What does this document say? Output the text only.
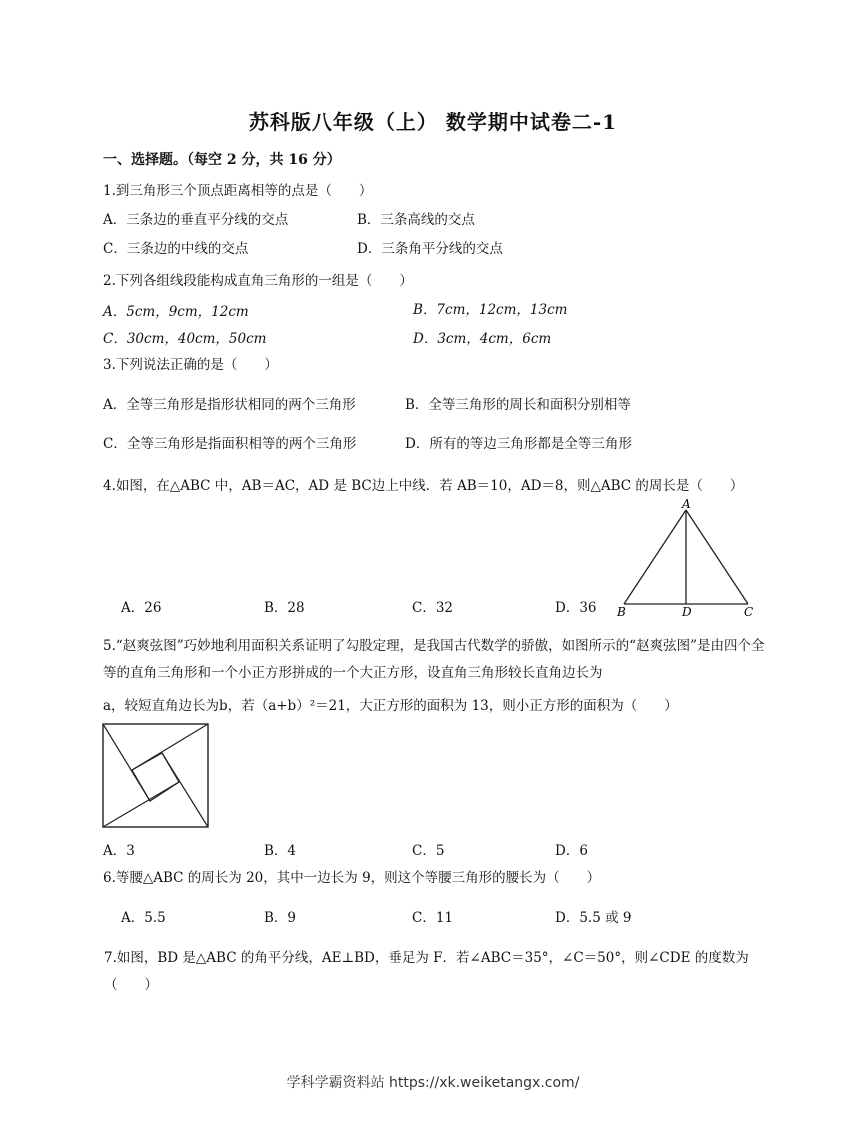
苏科版八年级（上） 数学期中试卷二-1
一、选择题。（每空 2 分，共 16 分）
1.到三角形三个顶点距离相等的点是（　　）
A．三条边的垂直平分线的交点	B．三条高线的交点
C．三条边的中线的交点	D．三条角平分线的交点
2.下列各组线段能构成直角三角形的一组是（　　）
A．5cm，9cm，12cm	B．7cm，12cm，13cm
C．30cm，40cm，50cm	D．3cm，4cm，6cm
3.下列说法正确的是（　　）
A．全等三角形是指形状相同的两个三角形	B．全等三角形的周长和面积分别相等
C．全等三角形是指面积相等的两个三角形	D．所有的等边三角形都是全等三角形
4.如图，在△ABC 中，AB＝AC，AD 是 BC边上中线．若 AB＝10，AD＝8，则△ABC 的周长是（　　）
A
B	D	C
A．26	B．28	C．32	D．36
5.“赵爽弦图”巧妙地利用面积关系证明了勾股定理，是我国古代数学的骄傲，如图所示的“赵爽弦图”是由四个全等的直角三角形和一个小正方形拼成的一个大正方形，设直角三角形较长直角边长为
a，较短直角边长为b，若（a+b）²＝21，大正方形的面积为 13，则小正方形的面积为（　　）
A．3	B．4	C．5	D．6
6.等腰△ABC 的周长为 20，其中一边长为 9，则这个等腰三角形的腰长为（　　）
A．5.5	B．9	C．11	D．5.5 或 9
7.如图，BD 是△ABC 的角平分线，AE⊥BD，垂足为 F．若∠ABC＝35°，∠C＝50°，则∠CDE 的度数为（　　）
学科学霸资料站 https://xk.weiketangx.com/
